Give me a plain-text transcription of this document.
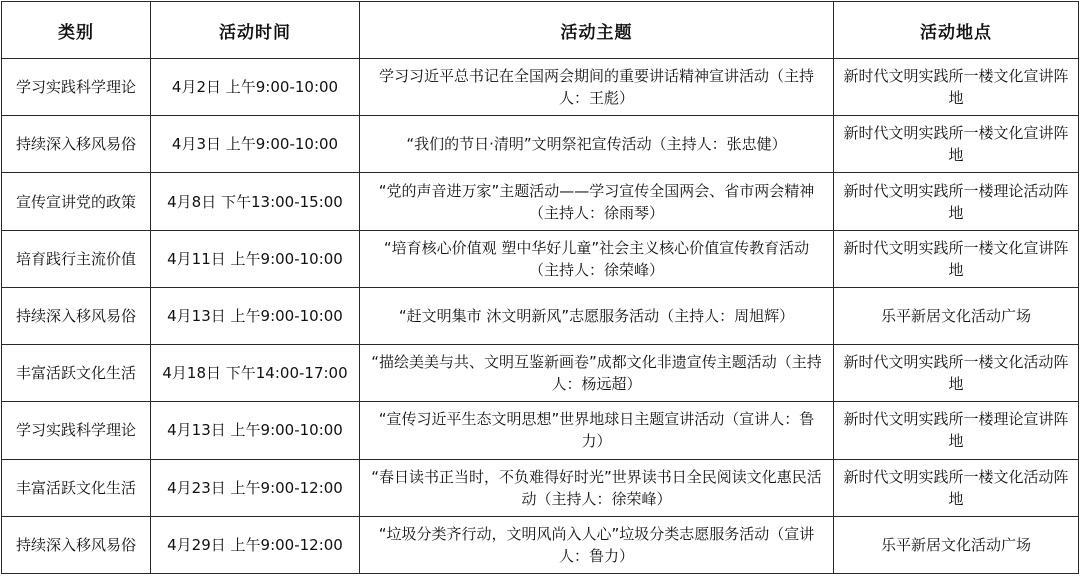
类别	活动时间	活动主题	活动地点
学习实践科学理论	4月2日 上午9:00-10:00	学习习近平总书记在全国两会期间的重要讲话精神宣讲活动（主持人：王彪）	新时代文明实践所一楼文化宣讲阵地
持续深入移风易俗	4月3日 上午9:00-10:00	“我们的节日·清明”文明祭祀宣传活动（主持人：张忠健）	新时代文明实践所一楼文化宣讲阵地
宣传宣讲党的政策	4月8日 下午13:00-15:00	“党的声音进万家”主题活动——学习宣传全国两会、省市两会精神（主持人：徐雨琴）	新时代文明实践所一楼理论活动阵地
培育践行主流价值	4月11日 上午9:00-10:00	“培育核心价值观 塑中华好儿童”社会主义核心价值宣传教育活动（主持人：徐荣峰）	新时代文明实践所一楼文化宣讲阵地
持续深入移风易俗	4月13日 上午9:00-10:00	“赶文明集市 沐文明新风”志愿服务活动（主持人：周旭辉）	乐平新居文化活动广场
丰富活跃文化生活	4月18日 下午14:00-17:00	“描绘美美与共、文明互鉴新画卷”成都文化非遗宣传主题活动（主持人：杨远超）	新时代文明实践所一楼文化活动阵地
学习实践科学理论	4月13日 上午9:00-10:00	“宣传习近平生态文明思想”世界地球日主题宣讲活动（宣讲人：鲁力）	新时代文明实践所一楼理论宣讲阵地
丰富活跃文化生活	4月23日 上午9:00-12:00	“春日读书正当时，不负难得好时光”世界读书日全民阅读文化惠民活动（主持人：徐荣峰）	新时代文明实践所一楼文化活动阵地
持续深入移风易俗	4月29日 上午9:00-12:00	“垃圾分类齐行动，文明风尚入人心”垃圾分类志愿服务活动（宣讲人：鲁力）	乐平新居文化活动广场
